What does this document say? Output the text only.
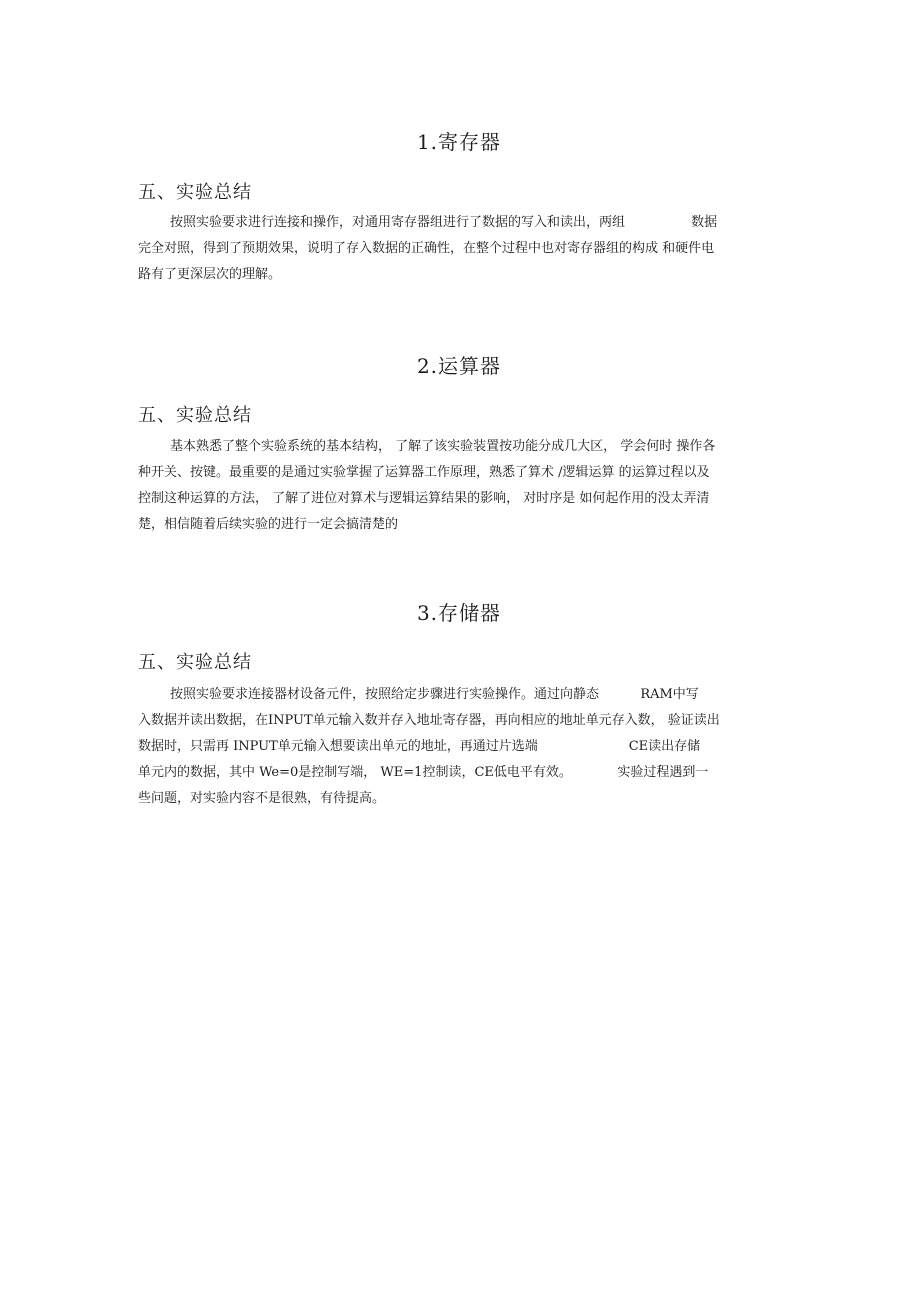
1.寄存器
五、实验总结
按照实验要求进行连接和操作，对通用寄存器组进行了数据的写入和读出，两组                数据
完全对照，得到了预期效果，说明了存入数据的正确性，在整个过程中也对寄存器组的构成 和硬件电
路有了更深层次的理解。
2.运算器
五、实验总结
基本熟悉了整个实验系统的基本结构， 了解了该实验装置按功能分成几大区， 学会何时 操作各
种开关、按键。最重要的是通过实验掌握了运算器工作原理，熟悉了算术 /逻辑运算 的运算过程以及
控制这种运算的方法， 了解了进位对算术与逻辑运算结果的影响， 对时序是 如何起作用的没太弄清
楚，相信随着后续实验的进行一定会搞清楚的
3.存储器
五、实验总结
按照实验要求连接器材设备元件，按照给定步骤进行实验操作。通过向静态          RAM中写
入数据并读出数据，在INPUT单元输入数并存入地址寄存器，再向相应的地址单元存入数， 验证读出
数据时，只需再 INPUT单元输入想要读出单元的地址，再通过片选端                      CE读出存储
单元内的数据，其中 We=0是控制写端， WE=1控制读，CE低电平有效。           实验过程遇到一
些问题，对实验内容不是很熟，有待提高。
